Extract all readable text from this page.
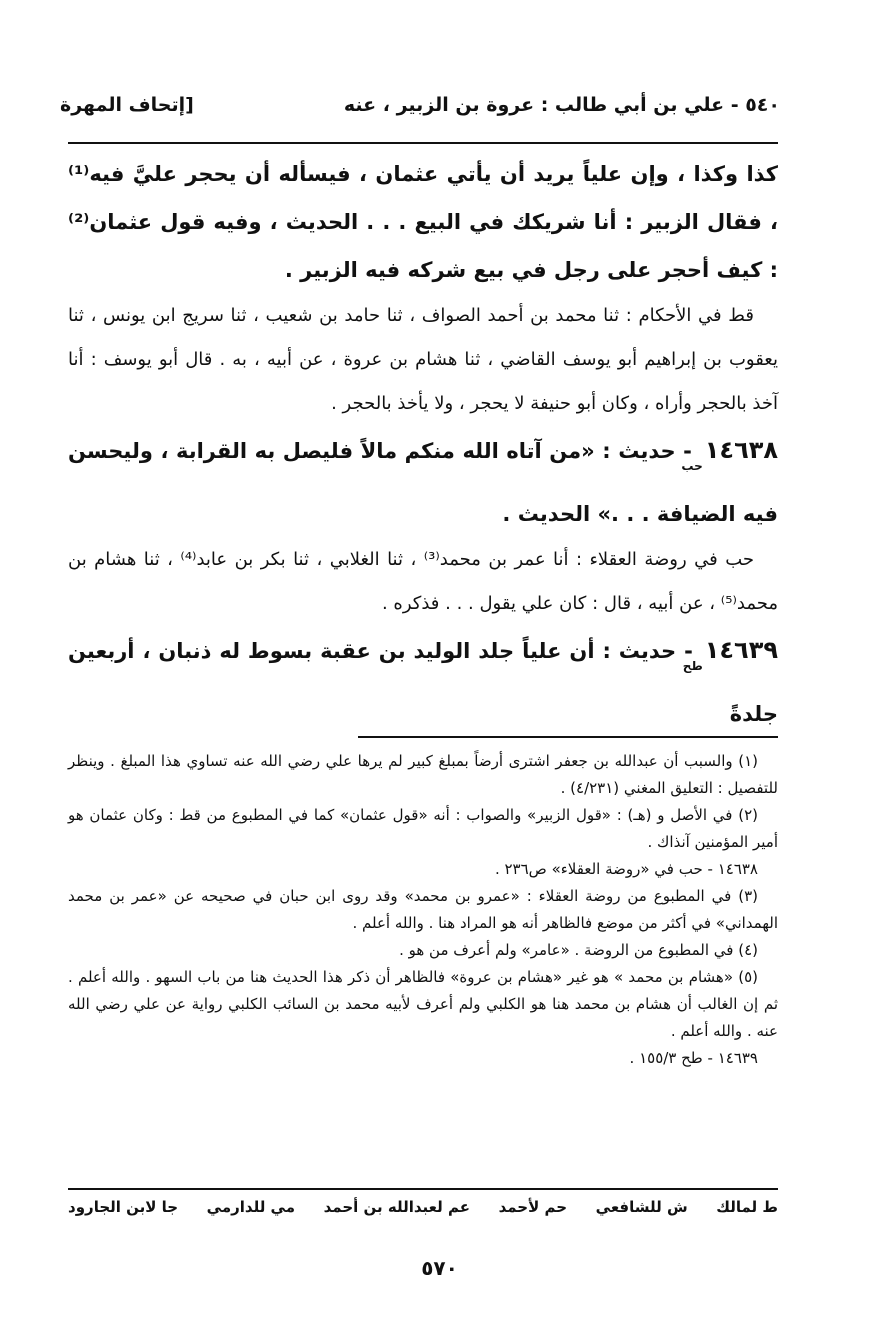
٥٤٠ - علي بن أبي طالب : عروة بن الزبير ، عنه
[إتحاف المهرة

كذا وكذا ، وإن علياً يريد أن يأتي عثمان ، فيسأله أن يحجر عليَّ فيه⁽¹⁾ ، فقال الزبير : أنا شريكك في البيع . . . الحديث ، وفيه قول عثمان⁽²⁾ : كيف أحجر على رجل في بيع شركه فيه الزبير .

قط في الأحكام : ثنا محمد بن أحمد الصواف ، ثنا حامد بن شعيب ، ثنا سريج ابن يونس ، ثنا يعقوب بن إبراهيم أبو يوسف القاضي ، ثنا هشام بن عروة ، عن أبيه ، به . قال أبو يوسف : أنا آخذ بالحجر وأراه ، وكان أبو حنيفة لا يحجر ، ولا يأخذ بالحجر .

$١٤٦٣٨_{حب}$ - حديث : «من آتاه الله منكم مالاً فليصل به القرابة ، وليحسن فيه الضيافة . . .» الحديث .

حب في روضة العقلاء : أنا عمر بن محمد⁽³⁾ ، ثنا الغلابي ، ثنا بكر بن عابد⁽⁴⁾ ، ثنا هشام بن محمد⁽⁵⁾ ، عن أبيه ، قال : كان علي يقول . . . فذكره .

$١٤٦٣٩_{طح}$ - حديث : أن علياً جلد الوليد بن عقبة بسوط له ذنبان ، أربعين جلدةً

(١) والسبب أن عبدالله بن جعفر اشترى أرضاً بمبلغ كبير لم يرها علي رضي الله عنه تساوي هذا المبلغ . وينظر للتفصيل : التعليق المغني (٤/٢٣١) .

(٢) في الأصل و (هـ) : «قول الزبير» والصواب : أنه «قول عثمان» كما في المطبوع من قط : وكان عثمان هو أمير المؤمنين آنذاك .

١٤٦٣٨ - حب في «روضة العقلاء» ص٢٣٦ .

(٣) في المطبوع من روضة العقلاء : «عمرو بن محمد» وقد روى ابن حبان في صحيحه عن «عمر بن محمد الهمداني» في أكثر من موضع فالظاهر أنه هو المراد هنا . والله أعلم .

(٤) في المطبوع من الروضة . «عامر» ولم أعرف من هو .

(٥) «هشام بن محمد » هو غير «هشام بن عروة» فالظاهر أن ذكر هذا الحديث هنا من باب السهو . والله أعلم . ثم إن الغالب أن هشام بن محمد هنا هو الكلبي ولم أعرف لأبيه محمد بن السائب الكلبي رواية عن علي رضي الله عنه . والله أعلم .

١٤٦٣٩ - طح ١٥٥/٣ .

ط لمالك
ش للشافعي
حم لأحمد
عم لعبدالله بن أحمد
مي للدارمي
جا لابن الجارود
٥٧٠
